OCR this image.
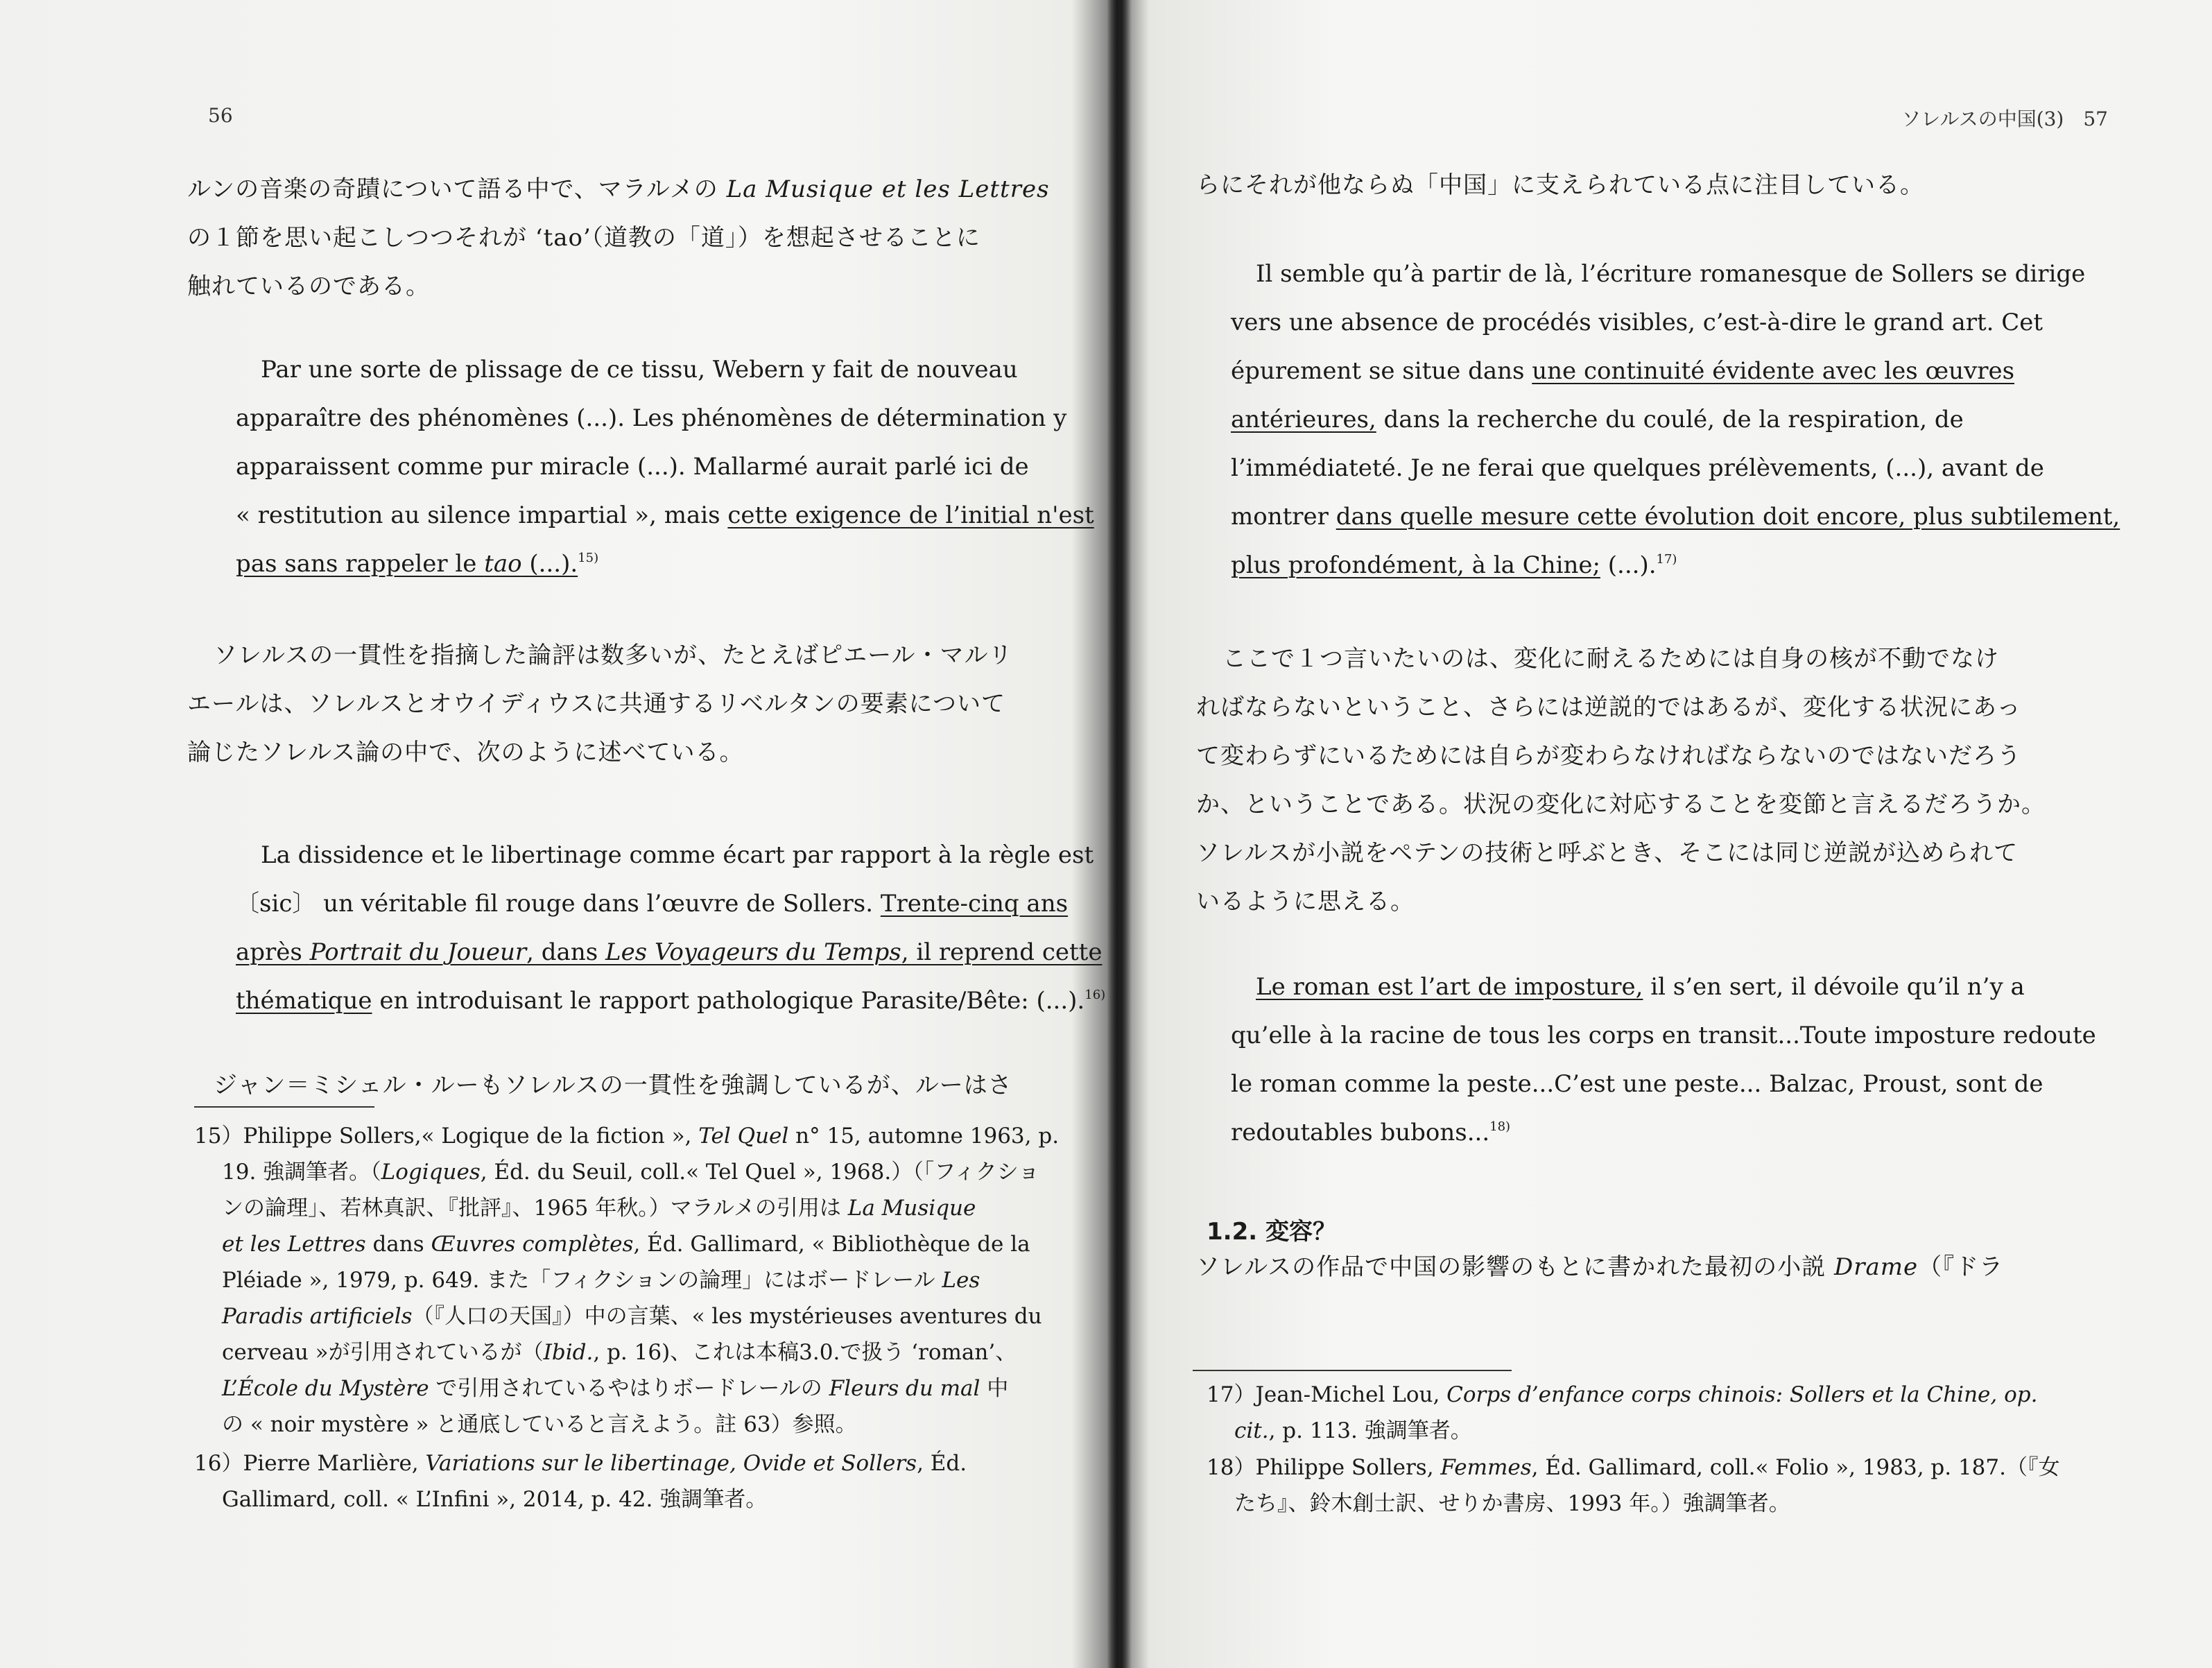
56
ルンの音楽の奇蹟について語る中で、マラルメの La Musique et les Lettres
の１節を思い起こしつつそれが ‘tao’（道教の「道」）を想起させることに
触れているのである。
Par une sorte de plissage de ce tissu, Webern y fait de nouveau
apparaître des phénomènes (...). Les phénomènes de détermination y
apparaissent comme pur miracle (...). Mallarmé aurait parlé ici de
« restitution au silence impartial », mais cette exigence de l’initial n'est
pas sans rappeler le tao (...).$^{15)}$
ソレルスの一貫性を指摘した論評は数多いが、たとえばピエール・マルリ
エールは、ソレルスとオウイディウスに共通するリベルタンの要素について
論じたソレルス論の中で、次のように述べている。
La dissidence et le libertinage comme écart par rapport à la règle est
〔sic〕 un véritable fil rouge dans l’œuvre de Sollers. Trente-cinq ans
après Portrait du Joueur, dans Les Voyageurs du Temps, il reprend cette
thématique en introduisant le rapport pathologique Parasite/Bête: (...).$^{16)}$
ジャン＝ミシェル・ルーもソレルスの一貫性を強調しているが、ルーはさ
15）Philippe Sollers,« Logique de la fiction », Tel Quel n° 15, automne 1963, p.
19. 強調筆者。（Logiques, Éd. du Seuil, coll.« Tel Quel », 1968.）（「フィクショ
ンの論理」、若林真訳、『批評』、1965 年秋。）マラルメの引用は La Musique
et les Lettres dans Œuvres complètes, Éd. Gallimard, « Bibliothèque de la
Pléiade », 1979, p. 649. また「フィクションの論理」にはボードレール Les
Paradis artificiels（『人口の天国』）中の言葉、« les mystérieuses aventures du
cerveau »が引用されているが（Ibid., p. 16)、これは本稿3.0.で扱う ‘roman’、
L’École du Mystère で引用されているやはりボードレールの Fleurs du mal 中
の « noir mystère » と通底していると言えよう。註 63）参照。
16）Pierre Marlière, Variations sur le libertinage, Ovide et Sollers, Éd.
Gallimard, coll. « L’Infini », 2014, p. 42. 強調筆者。
ソレルスの中国(3)　57
らにそれが他ならぬ「中国」に支えられている点に注目している。
Il semble qu’à partir de là, l’écriture romanesque de Sollers se dirige
vers une absence de procédés visibles, c’est-à-dire le grand art. Cet
épurement se situe dans une continuité évidente avec les œuvres
antérieures, dans la recherche du coulé, de la respiration, de
l’immédiateté. Je ne ferai que quelques prélèvements, (...), avant de
montrer dans quelle mesure cette évolution doit encore, plus subtilement,
plus profondément, à la Chine; (...).$^{17)}$
ここで１つ言いたいのは、変化に耐えるためには自身の核が不動でなけ
ればならないということ、さらには逆説的ではあるが、変化する状況にあっ
て変わらずにいるためには自らが変わらなければならないのではないだろう
か、ということである。状況の変化に対応することを変節と言えるだろうか。
ソレルスが小説をペテンの技術と呼ぶとき、そこには同じ逆説が込められて
いるように思える。
Le roman est l’art de imposture, il s’en sert, il dévoile qu’il n’y a
qu’elle à la racine de tous les corps en transit...Toute imposture redoute
le roman comme la peste...C’est une peste... Balzac, Proust, sont de
redoutables bubons...$^{18)}$
1.2. 変容？
ソレルスの作品で中国の影響のもとに書かれた最初の小説 Drame（『ドラ
17）Jean-Michel Lou, Corps d’enfance corps chinois: Sollers et la Chine, op.
cit., p. 113. 強調筆者。
18）Philippe Sollers, Femmes, Éd. Gallimard, coll.« Folio », 1983, p. 187.（『女
たち』、鈴木創士訳、せりか書房、1993 年。）強調筆者。
